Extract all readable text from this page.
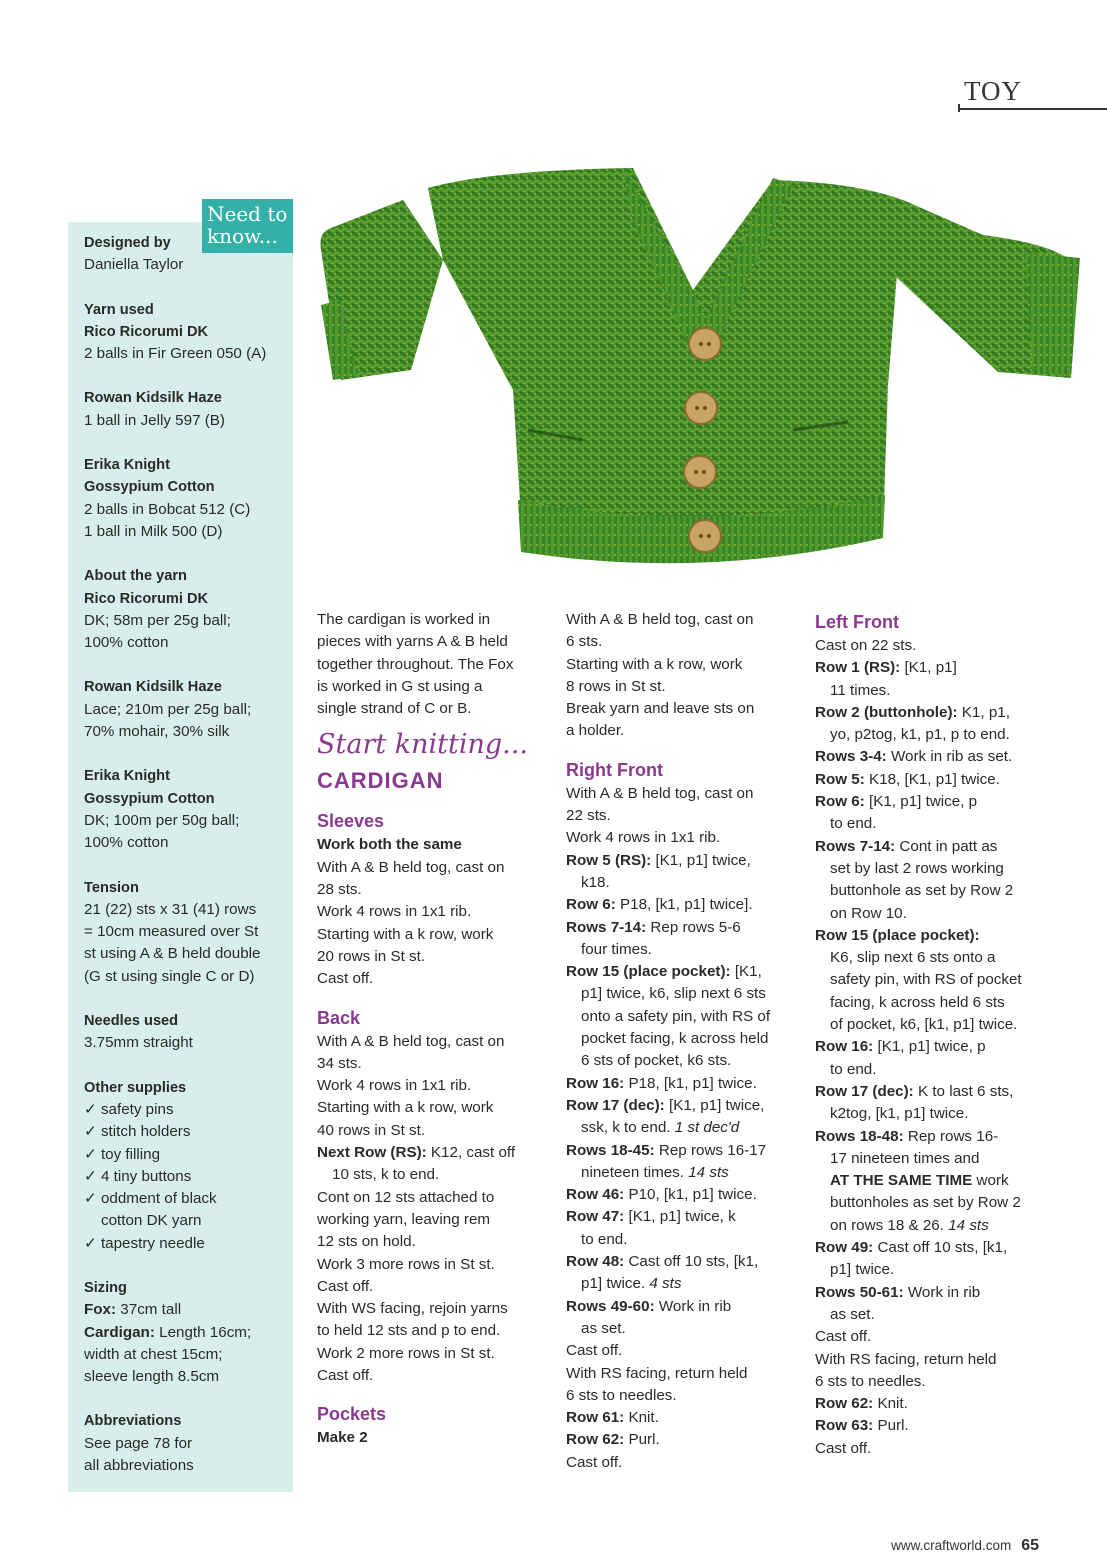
TOY
Designed by
Daniella Taylor
Yarn used
Rico Ricorumi DK
2 balls in Fir Green 050 (A)
Rowan Kidsilk Haze
1 ball in Jelly 597 (B)
Erika Knight
Gossypium Cotton
2 balls in Bobcat 512 (C)
1 ball in Milk 500 (D)
About the yarn
Rico Ricorumi DK
DK; 58m per 25g ball;
100% cotton
Rowan Kidsilk Haze
Lace; 210m per 25g ball;
70% mohair, 30% silk
Erika Knight
Gossypium Cotton
DK; 100m per 50g ball;
100% cotton
Tension
21 (22) sts x 31 (41) rows
= 10cm measured over St
st using A & B held double
(G st using single C or D)
Needles used
3.75mm straight
Other supplies
✓ safety pins
✓ stitch holders
✓ toy filling
✓ 4 tiny buttons
✓ oddment of black
cotton DK yarn
✓ tapestry needle
Sizing
Fox: 37cm tall
Cardigan: Length 16cm;
width at chest 15cm;
sleeve length 8.5cm
Abbreviations
See page 78 for
all abbreviations
Need to
know...

The cardigan is worked in

pieces with yarns A & B held

together throughout. The Fox

is worked in G st using a

single strand of C or B.

Start knitting...

CARDIGAN

Sleeves

Work both the same

With A & B held tog, cast on

28 sts.

Work 4 rows in 1x1 rib.

Starting with a k row, work

20 rows in St st.

Cast off.

Back

With A & B held tog, cast on

34 sts.

Work 4 rows in 1x1 rib.

Starting with a k row, work

40 rows in St st.

Next Row (RS): K12, cast off

10 sts, k to end.

Cont on 12 sts attached to

working yarn, leaving rem

12 sts on hold.

Work 3 more rows in St st.

Cast off.

With WS facing, rejoin yarns

to held 12 sts and p to end.

Work 2 more rows in St st.

Cast off.

Pockets

Make 2

With A & B held tog, cast on

6 sts.

Starting with a k row, work

8 rows in St st.

Break yarn and leave sts on

a holder.

Right Front

With A & B held tog, cast on

22 sts.

Work 4 rows in 1x1 rib.

Row 5 (RS): [K1, p1] twice,

k18.

Row 6: P18, [k1, p1] twice].

Rows 7-14: Rep rows 5-6

four times.

Row 15 (place pocket): [K1,

p1] twice, k6, slip next 6 sts

onto a safety pin, with RS of

pocket facing, k across held

6 sts of pocket, k6 sts.

Row 16: P18, [k1, p1] twice.

Row 17 (dec): [K1, p1] twice,

ssk, k to end. 1 st dec'd

Rows 18-45: Rep rows 16-17

nineteen times. 14 sts

Row 46: P10, [k1, p1] twice.

Row 47: [K1, p1] twice, k

to end.

Row 48: Cast off 10 sts, [k1,

p1] twice. 4 sts

Rows 49-60: Work in rib

as set.

Cast off.

With RS facing, return held

6 sts to needles.

Row 61: Knit.

Row 62: Purl.

Cast off.

Left Front

Cast on 22 sts.

Row 1 (RS): [K1, p1]

11 times.

Row 2 (buttonhole): K1, p1,

yo, p2tog, k1, p1, p to end.

Rows 3-4: Work in rib as set.

Row 5: K18, [K1, p1] twice.

Row 6: [K1, p1] twice, p

to end.

Rows 7-14: Cont in patt as

set by last 2 rows working

buttonhole as set by Row 2

on Row 10.

Row 15 (place pocket):

K6, slip next 6 sts onto a

safety pin, with RS of pocket

facing, k across held 6 sts

of pocket, k6, [k1, p1] twice.

Row 16: [K1, p1] twice, p

to end.

Row 17 (dec): K to last 6 sts,

k2tog, [k1, p1] twice.

Rows 18-48: Rep rows 16-

17 nineteen times and

AT THE SAME TIME work

buttonholes as set by Row 2

on rows 18 & 26. 14 sts

Row 49: Cast off 10 sts, [k1,

p1] twice.

Rows 50-61: Work in rib

as set.

Cast off.

With RS facing, return held

6 sts to needles.

Row 62: Knit.

Row 63: Purl.

Cast off.

www.craftworld.com 65
